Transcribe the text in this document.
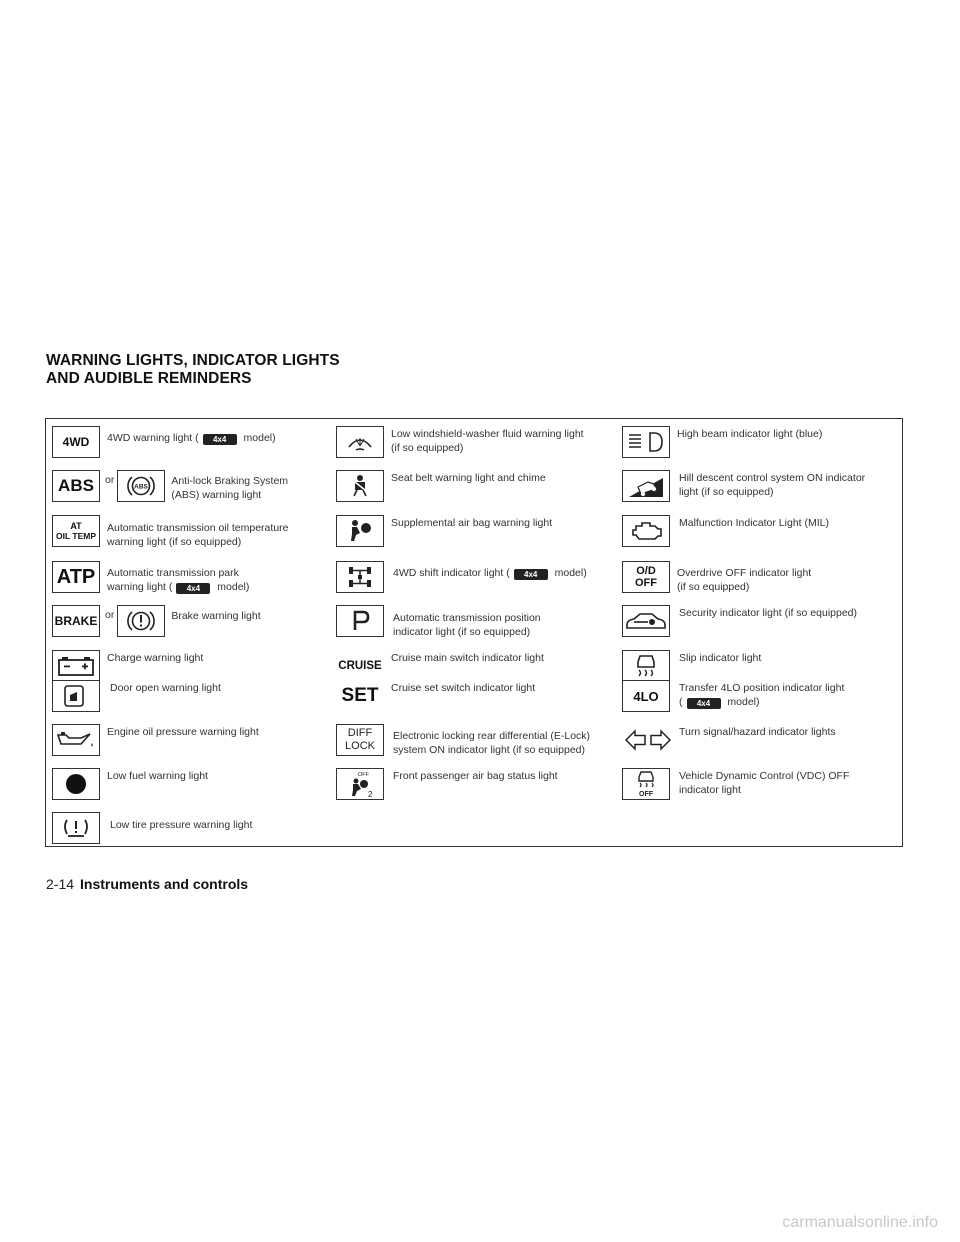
WARNING LIGHTS, INDICATOR LIGHTS
AND AUDIBLE REMINDERS
4WD 4WD warning light ( 4x4 model)
ABS or
ABS Anti-lock Braking System
(ABS) warning light
AT
OIL TEMP
Automatic transmission oil temperature
warning light (if so equipped)
ATP Automatic transmission park
warning light ( 4x4 model)
BRAKE or	Brake warning light
Charge warning light
Door open warning light
Engine oil pressure warning light
Low fuel warning light
Low tire pressure warning light
Low windshield-washer fluid warning light
(if so equipped)
Seat belt warning light and chime
Supplemental air bag warning light
4WD shift indicator light ( 4x4 model)
Automatic transmission position
indicator light (if so equipped)
CRUISE
Cruise main switch indicator light
SET Cruise set switch indicator light
DIFF
LOCK
Electronic locking rear differential (E-Lock)
system ON indicator light (if so equipped)
OFF
2
Front passenger air bag status light
High beam indicator light (blue)
Hill descent control system ON indicator
light (if so equipped)
Malfunction Indicator Light (MIL)
O/D
OFF
Overdrive OFF indicator light
(if so equipped)
Security indicator light (if so equipped)
Slip indicator light
4LO
Transfer 4LO position indicator light
( 4x4 model)
Turn signal/hazard indicator lights
OFF
Vehicle Dynamic Control (VDC) OFF
indicator light
2-14 Instruments and controls
carmanualsonline.info
